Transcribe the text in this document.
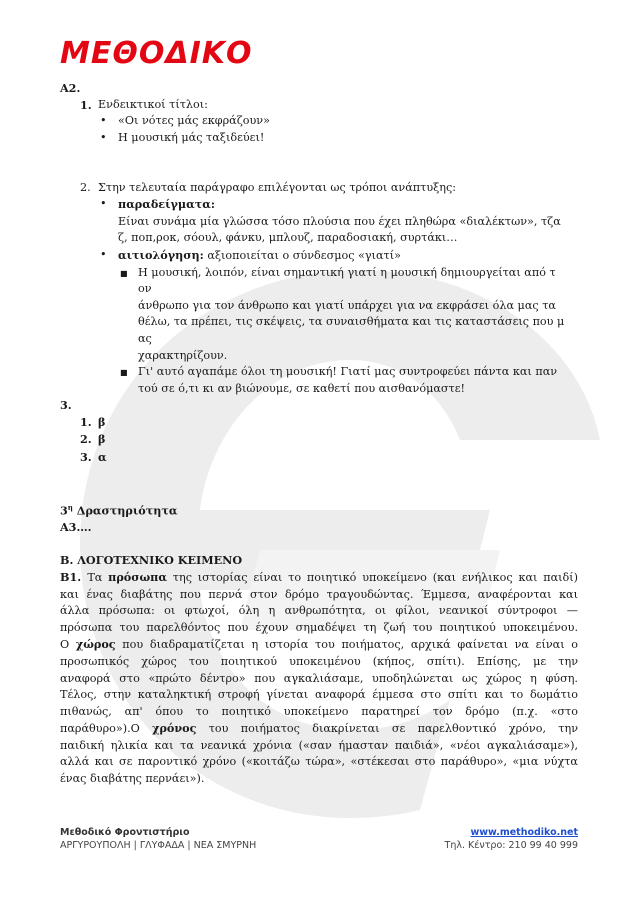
ΜΕΘΟΔΙΚΟ

Α2.

1. Ενδεικτικοί τίτλοι:
• «Οι νότες μάς εκφράζουν»
• Η μουσική μάς ταξιδεύει!
2. Στην τελευταία παράγραφο επιλέγονται ως τρόποι ανάπτυξης:
• παραδείγματα:
Είναι συνάμα μία γλώσσα τόσο πλούσια που έχει πληθώρα «διαλέκτων», τζα
ζ, ποπ,ροκ, σόουλ, φάνκυ, μπλουζ, παραδοσιακή, συρτάκι…
• αιτιολόγηση: αξιοποιείται ο σύνδεσμος «γιατί»
■ Η μουσική, λοιπόν, είναι σημαντική γιατί η μουσική δημιουργείται από τ
ον
άνθρωπο για τον άνθρωπο και γιατί υπάρχει για να εκφράσει όλα μας τα
θέλω, τα πρέπει, τις σκέψεις, τα συναισθήματα και τις καταστάσεις που μ
ας
χαρακτηρίζουν.
■ Γι' αυτό αγαπάμε όλοι τη μουσική! Γιατί μας συντροφεύει πάντα και παν
τού σε ό,τι κι αν βιώνουμε, σε καθετί που αισθανόμαστε!

3.

1. β
2. β
3. α

$3^\eta$ Δραστηριότητα

Α3….

Β. ΛΟΓΟΤΕΧΝΙΚΟ ΚΕΙΜΕΝΟ

Β1. Τα πρόσωπα της ιστορίας είναι το ποιητικό υποκείμενο (και ενήλικος και παιδί)
και ένας διαβάτης που περνά στον δρόμο τραγουδώντας. Έμμεσα, αναφέρονται και
άλλα πρόσωπα: οι φτωχοί, όλη η ανθρωπότητα, οι φίλοι, νεανικοί σύντροφοι —
πρόσωπα του παρελθόντος που έχουν σημαδέψει τη ζωή του ποιητικού υποκειμένου.
Ο χώρος που διαδραματίζεται η ιστορία του ποιήματος, αρχικά φαίνεται να είναι ο
προσωπικός χώρος του ποιητικού υποκειμένου (κήπος, σπίτι). Επίσης, με την
αναφορά στο «πρώτο δέντρο» που αγκαλιάσαμε, υποδηλώνεται ως χώρος η φύση.
Τέλος, στην καταληκτική στροφή γίνεται αναφορά έμμεσα στο σπίτι και το δωμάτιο
πιθανώς, απ' όπου το ποιητικό υποκείμενο παρατηρεί τον δρόμο (π.χ. «στο
παράθυρο»).Ο χρόνος του ποιήματος διακρίνεται σε παρελθοντικό χρόνο, την
παιδική ηλικία και τα νεανικά χρόνια («σαν ήμασταν παιδιά», «νέοι αγκαλιάσαμε»),
αλλά και σε παροντικό χρόνο («κοιτάζω τώρα», «στέκεσαι στο παράθυρο», «μια νύχτα
ένας διαβάτης περνάει»).
Μεθοδικό Φροντιστήριο
ΑΡΓΥΡΟΥΠΟΛΗ | ΓΛΥΦΑΔΑ | ΝΕΑ ΣΜΥΡΝΗ
www.methodiko.net
Τηλ. Κέντρο: 210 99 40 999
